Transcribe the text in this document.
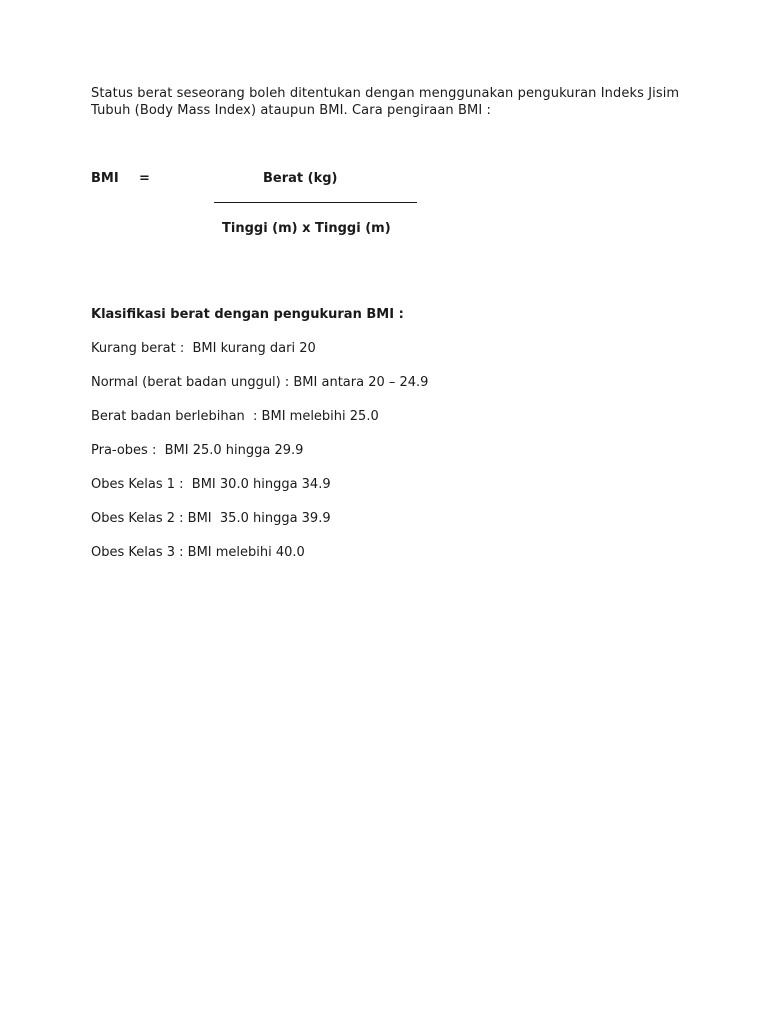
Status berat seseorang boleh ditentukan dengan menggunakan pengukuran Indeks Jisim

Tubuh (Body Mass Index) ataupun BMI. Cara pengiraan BMI :

BMI =	Berat (kg)
Tinggi (m) x Tinggi (m)
Klasifikasi berat dengan pengukuran BMI :
Kurang berat :  BMI kurang dari 20
Normal (berat badan unggul) : BMI antara 20 – 24.9
Berat badan berlebihan  : BMI melebihi 25.0
Pra-obes :  BMI 25.0 hingga 29.9
Obes Kelas 1 :  BMI 30.0 hingga 34.9
Obes Kelas 2 : BMI  35.0 hingga 39.9
Obes Kelas 3 : BMI melebihi 40.0
